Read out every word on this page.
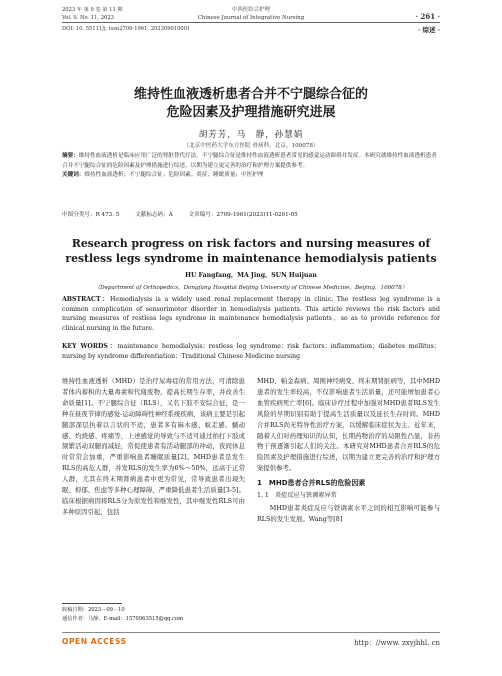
2023 年 第 9 卷 第 11 期
Vol. 9, No. 11, 2023
中西医结合护理
Chinese Journal of Integrative Nursing	· 261 ·
DOI: 10. 55111/j. issn2709-1961. 202309010001	· 综述 ·
维持性血液透析患者合并不宁腿综合征的
危险因素及护理措施研究进展
胡芳芳，马　静，孙慧娟
（北京中医药大学东方医院 骨病科，北京，100078）
摘要：维持性血液透析是临床应用广泛的肾脏替代疗法。不宁腿综合征是维持性血液透析患者常见的感觉运动障碍并发症。本研究就维持性血液透析患者合并不宁腿综合征的危险因素及护理措施进行综述，以期为建立更完善的治疗和护理方案提供参考。
关键词：维持性血液透析；不宁腿综合征；危险因素；炎症；睡眠质量；中医护理
中图分类号：R 473. 5	文献标志码：A	文章编号：2709-1961(2023)11-0261-05
Research progress on risk factors and nursing measures of
restless legs syndrome in maintenance hemodialysis patients
HU Fangfang，MA Jing，SUN Huijuan
（Department of Orthopedics，Dongfang Hospital Beijing University of Chinese Medicine，Beijing，100078）
ABSTRACT：Hemodialysis is a widely used renal replacement therapy in clinic. The restless leg syndrome is a common complication of sensorimotor disorder in hemodialysis patients. This article reviews the risk factors and nursing measures of restless legs syndrome in maintenance hemodialysis patients，so as to provide reference for clinical nursing in the future.
KEY WORDS：maintenance hemodialysis；restless leg syndrome；risk factors；inflammation；diabetes mellitus；nursing by syndrome differentiation；Traditional Chinese Medicine nursing
维持性血液透析（MHD）是治疗尿毒症的常用方法，可清除患者体内蓄积的大量毒素和代谢废物，提高长期生存率，并改善生命质量[1]。不宁腿综合征（RLS），又名下肢不安综合征，是一种在昼夜节律的感觉-运动障碍性神经系统疾病，该病主要是引起腿部深层执着以言状的不适，患者多有麻木感、蚁走感、蠕动感、灼烧感、疼痛等，上述感觉的导致与不适可通过拍打下肢或频繁活动双腿而减轻，常促使患者有活动腿部的冲动，夜间休息时常常会加重，严重影响患者睡眠质量[2]。MHD患者是发生RLS的高危人群，并发RLS的发生率为6%～50%，远高于正常人群，尤其在终末期肾病患者中更为常见，常导致患者出现失眠、抑郁、焦虑等多种心理障碍，严重降低患者生活质量[3-5]。临床根据病因将RLS分为原发性和继发性，其中继发性RLS可由多种原因引起，包括
MHD、帕金森病、周围神经病变、终末期肾脏病等，其中MHD患者的发生率较高，不仅影响患者生活质量，还可能增加患者心血管疾病死亡率[6]。临床诊疗过程中加强对MHD患者RLS发生风险的早期识别有助于提高生活质量以及延长生存时间。MHD合并RLS尚无特异性治疗方案，以缓解临床症状为主。近年来，随着人们对药理知识的认知，长期药物治疗的局限性凸显，非药物干预逐渐引起人们的关注。本研究对MHD患者合并RLS的危险因素及护理措施进行综述，以期为建立更完善的治疗和护理方案提供参考。
1　MHD患者合并RLS的危险因素
1. 1　炎症反应与铁调素异常
MHD患者炎症反应与铁调素水平之间的相互影响可能参与RLS的发生发展。Wang等[8]
收稿日期：2023－09－10
通信作者：马静，E-mail：1570963515@qq.com
OPEN ACCESS	http：//www. zxyjhhl. cn
